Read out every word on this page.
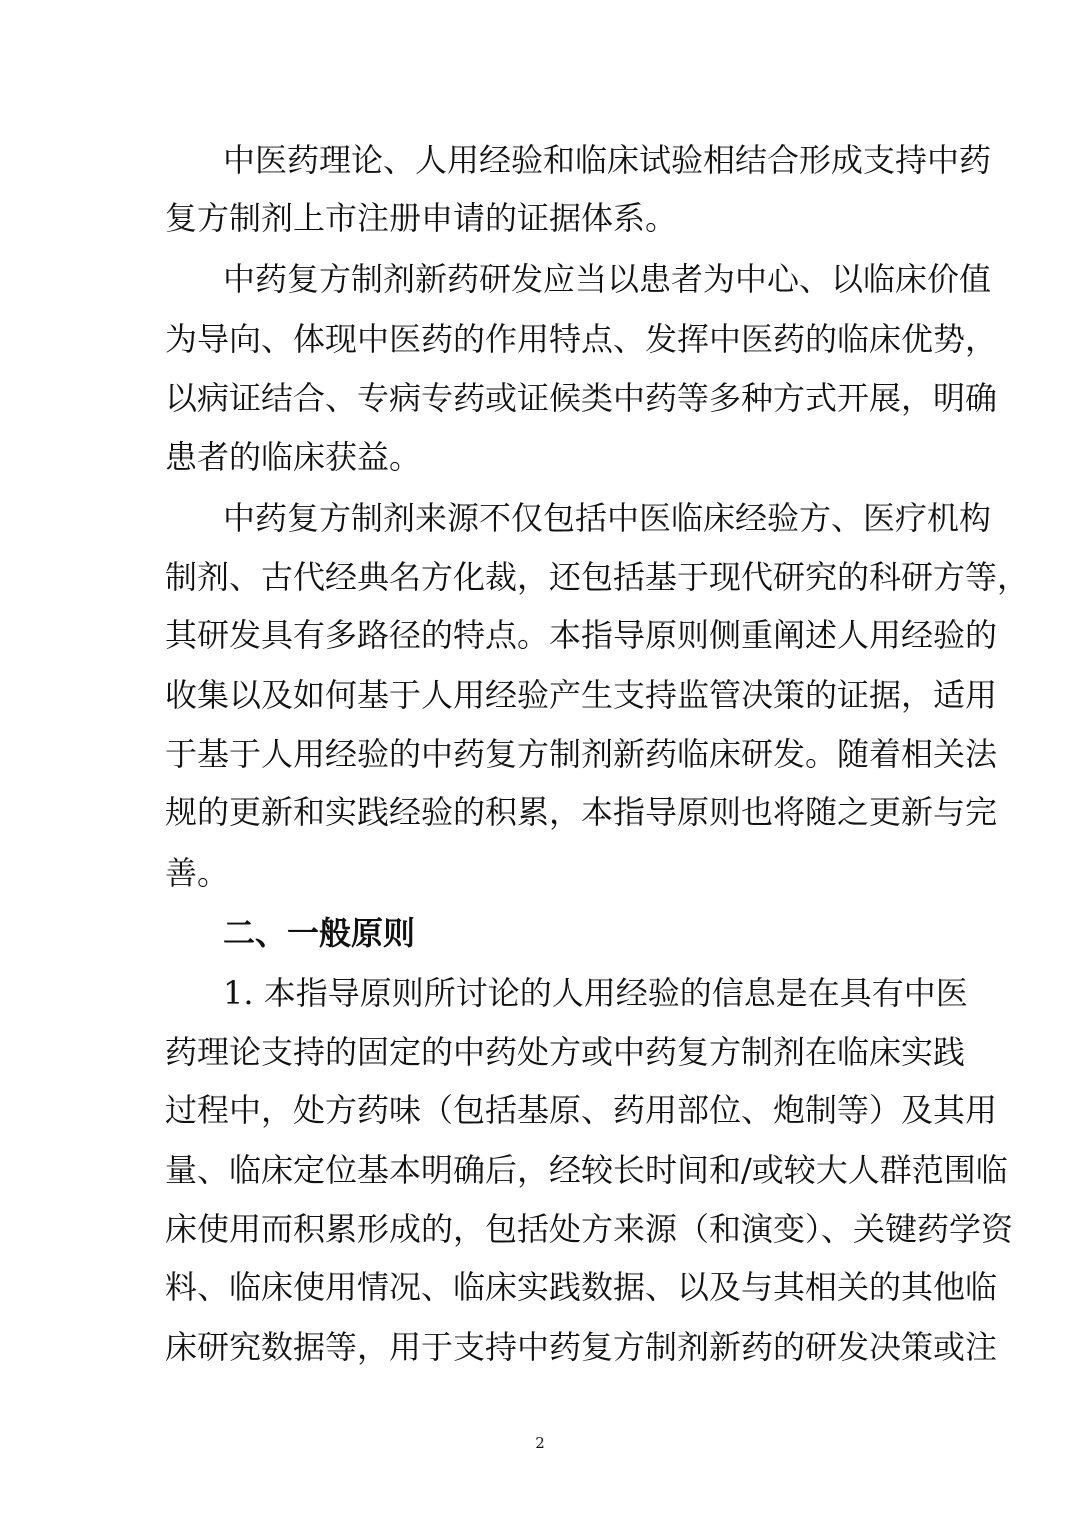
中医药理论、人用经验和临床试验相结合形成支持中药
复方制剂上市注册申请的证据体系。
中药复方制剂新药研发应当以患者为中心、以临床价值
为导向、体现中医药的作用特点、发挥中医药的临床优势，
以病证结合、专病专药或证候类中药等多种方式开展，明确
患者的临床获益。
中药复方制剂来源不仅包括中医临床经验方、医疗机构
制剂、古代经典名方化裁，还包括基于现代研究的科研方等，
其研发具有多路径的特点。本指导原则侧重阐述人用经验的
收集以及如何基于人用经验产生支持监管决策的证据，适用
于基于人用经验的中药复方制剂新药临床研发。随着相关法
规的更新和实践经验的积累，本指导原则也将随之更新与完
善。
二、一般原则
1. 本指导原则所讨论的人用经验的信息是在具有中医
药理论支持的固定的中药处方或中药复方制剂在临床实践
过程中，处方药味（包括基原、药用部位、炮制等）及其用
量、临床定位基本明确后，经较长时间和/或较大人群范围临
床使用而积累形成的，包括处方来源（和演变）、关键药学资
料、临床使用情况、临床实践数据、以及与其相关的其他临
床研究数据等，用于支持中药复方制剂新药的研发决策或注
2
